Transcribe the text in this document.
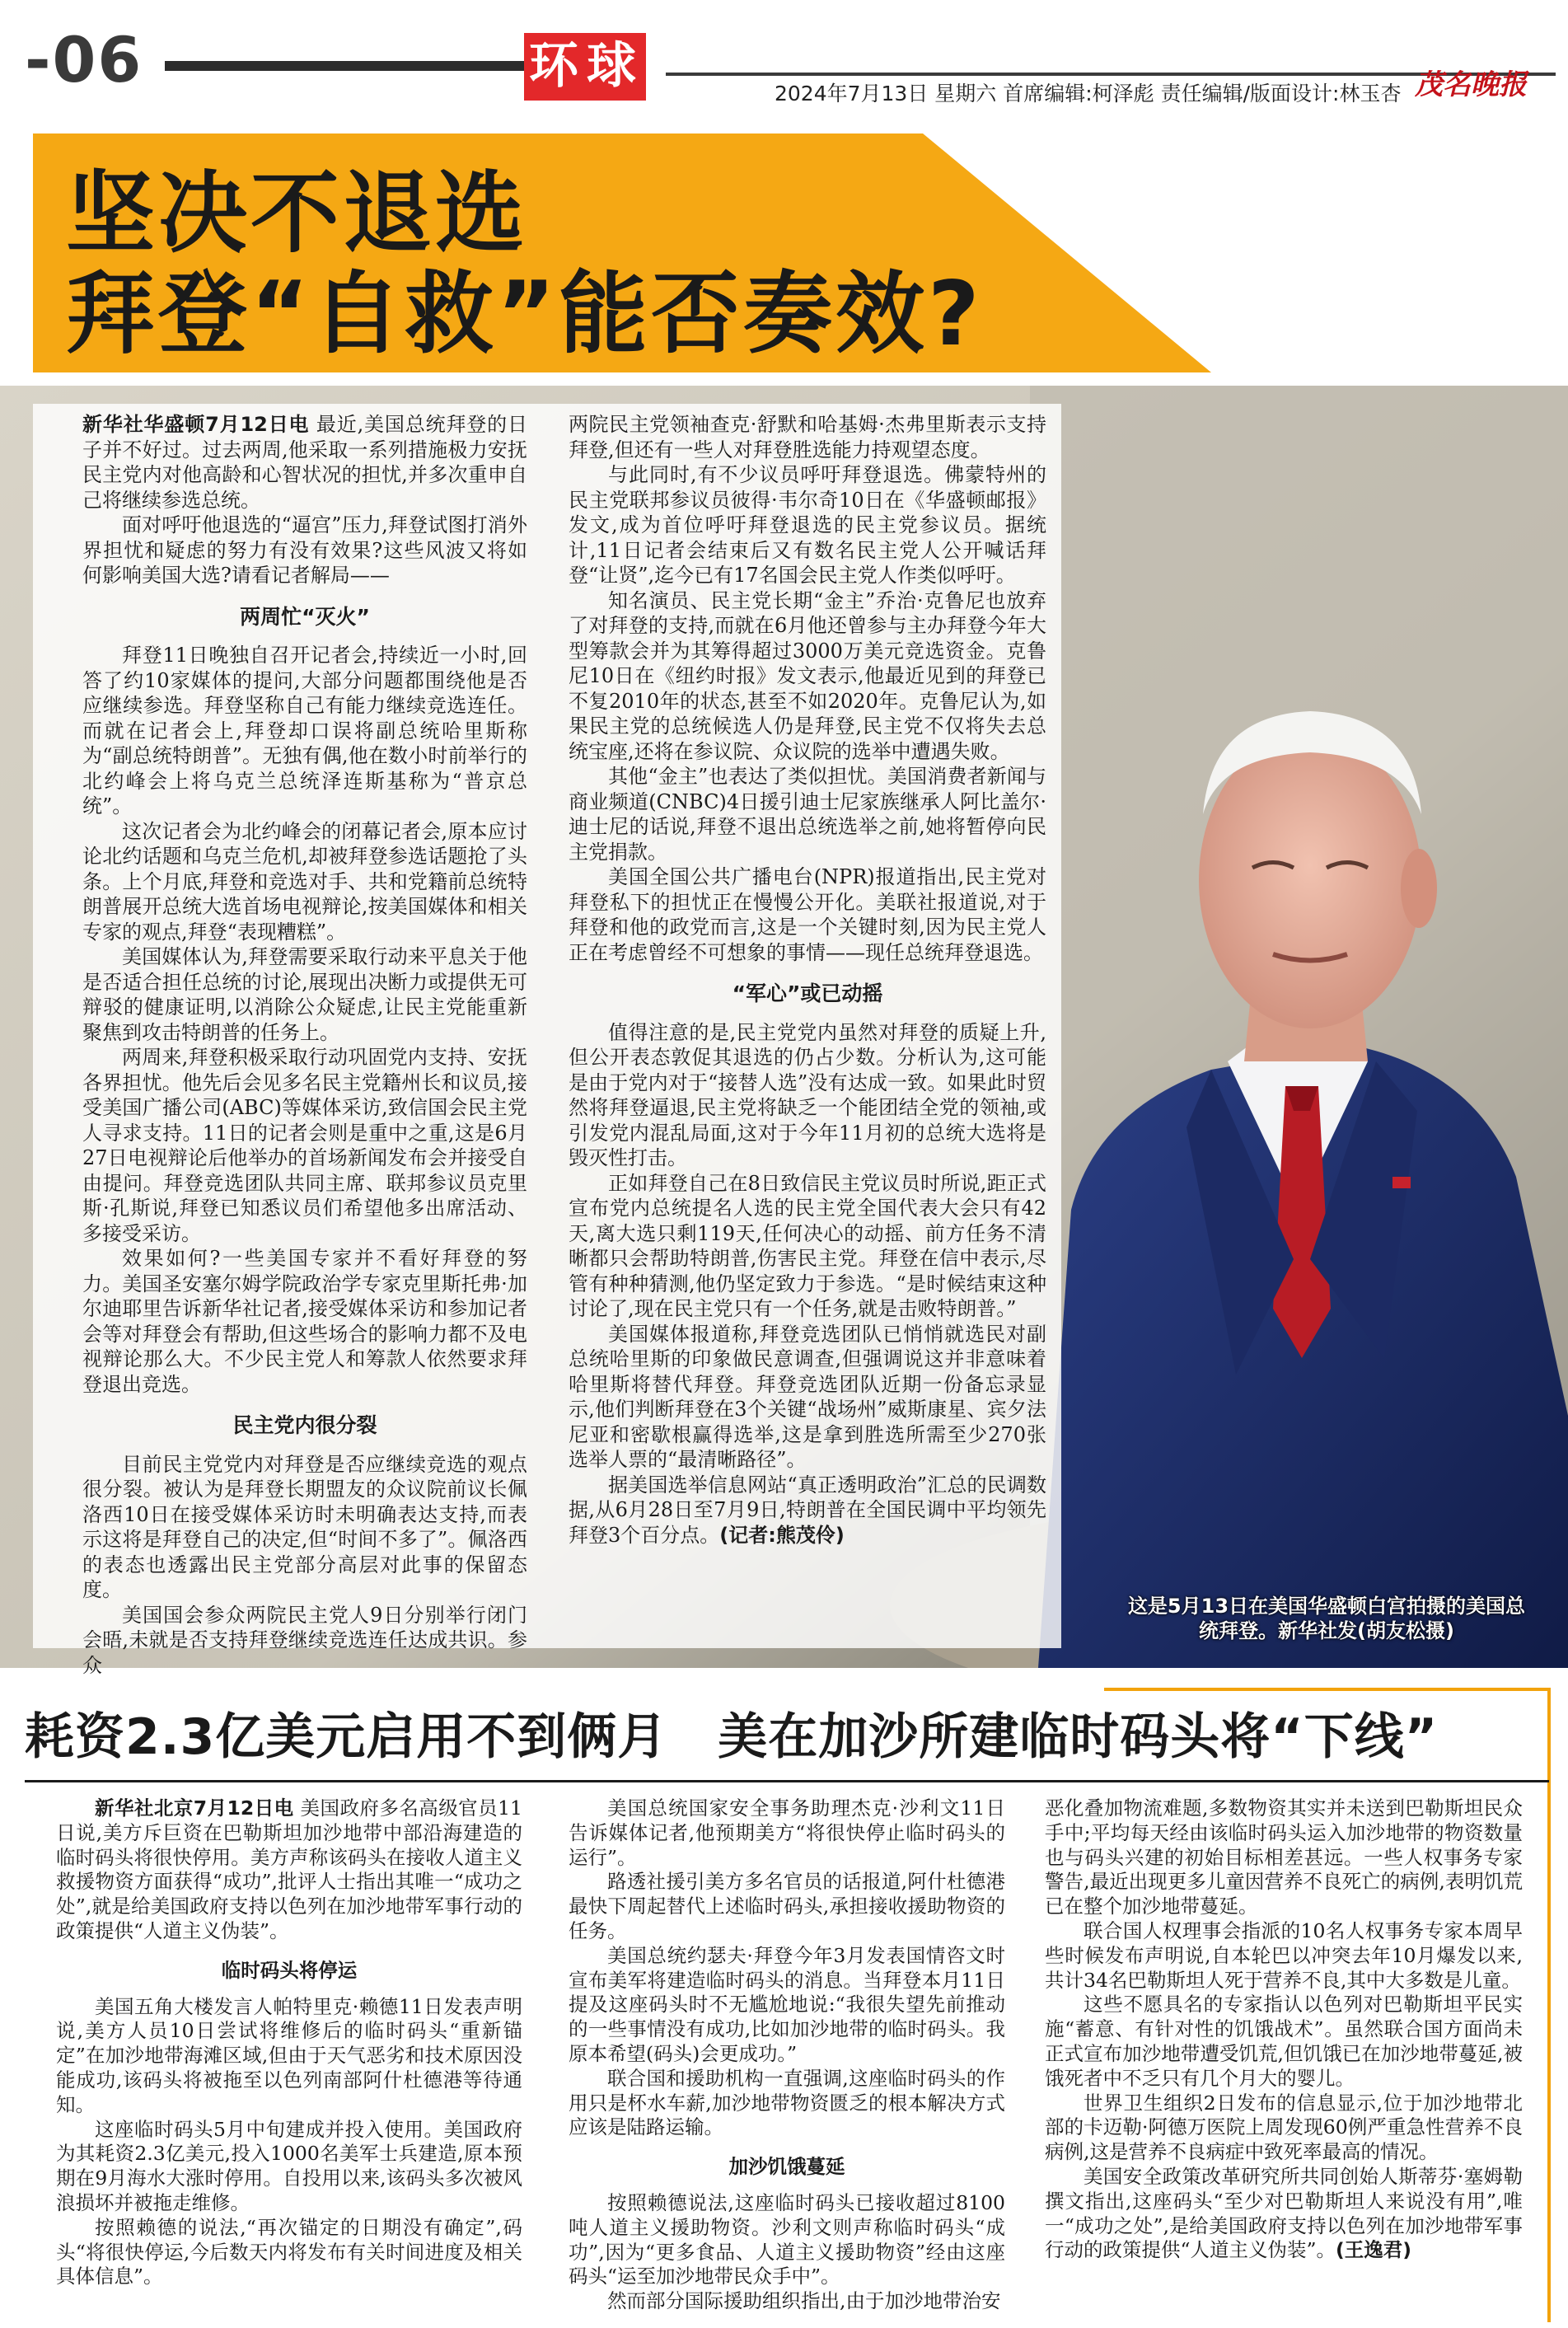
-06	环 球	2024年7月13日 星期六 首席编辑:柯泽彪 责任编辑/版面设计:林玉杏 茂名晚报
坚决不退选
拜登“自救”能否奏效?
这是5月13日在美国华盛顿白宫拍摄的美国总统拜登。新华社发(胡友松摄)

新华社华盛顿7月12日电 最近,美国总统拜登的日子并不好过。过去两周,他采取一系列措施极力安抚民主党内对他高龄和心智状况的担忧,并多次重申自己将继续参选总统。

面对呼吁他退选的“逼宫”压力,拜登试图打消外界担忧和疑虑的努力有没有效果?这些风波又将如何影响美国大选?请看记者解局——

两周忙“灭火”

拜登11日晚独自召开记者会,持续近一小时,回答了约10家媒体的提问,大部分问题都围绕他是否应继续参选。拜登坚称自己有能力继续竞选连任。而就在记者会上,拜登却口误将副总统哈里斯称为“副总统特朗普”。无独有偶,他在数小时前举行的北约峰会上将乌克兰总统泽连斯基称为“普京总统”。

这次记者会为北约峰会的闭幕记者会,原本应讨论北约话题和乌克兰危机,却被拜登参选话题抢了头条。上个月底,拜登和竞选对手、共和党籍前总统特朗普展开总统大选首场电视辩论,按美国媒体和相关专家的观点,拜登“表现糟糕”。

美国媒体认为,拜登需要采取行动来平息关于他是否适合担任总统的讨论,展现出决断力或提供无可辩驳的健康证明,以消除公众疑虑,让民主党能重新聚焦到攻击特朗普的任务上。

两周来,拜登积极采取行动巩固党内支持、安抚各界担忧。他先后会见多名民主党籍州长和议员,接受美国广播公司(ABC)等媒体采访,致信国会民主党人寻求支持。11日的记者会则是重中之重,这是6月27日电视辩论后他举办的首场新闻发布会并接受自由提问。拜登竞选团队共同主席、联邦参议员克里斯·孔斯说,拜登已知悉议员们希望他多出席活动、多接受采访。

效果如何?一些美国专家并不看好拜登的努力。美国圣安塞尔姆学院政治学专家克里斯托弗·加尔迪耶里告诉新华社记者,接受媒体采访和参加记者会等对拜登会有帮助,但这些场合的影响力都不及电视辩论那么大。不少民主党人和筹款人依然要求拜登退出竞选。

民主党内很分裂

目前民主党党内对拜登是否应继续竞选的观点很分裂。被认为是拜登长期盟友的众议院前议长佩洛西10日在接受媒体采访时未明确表达支持,而表示这将是拜登自己的决定,但“时间不多了”。佩洛西的表态也透露出民主党部分高层对此事的保留态度。

美国国会参众两院民主党人9日分别举行闭门会晤,未就是否支持拜登继续竞选连任达成共识。参众

两院民主党领袖查克·舒默和哈基姆·杰弗里斯表示支持拜登,但还有一些人对拜登胜选能力持观望态度。

与此同时,有不少议员呼吁拜登退选。佛蒙特州的民主党联邦参议员彼得·韦尔奇10日在《华盛顿邮报》发文,成为首位呼吁拜登退选的民主党参议员。据统计,11日记者会结束后又有数名民主党人公开喊话拜登“让贤”,迄今已有17名国会民主党人作类似呼吁。

知名演员、民主党长期“金主”乔治·克鲁尼也放弃了对拜登的支持,而就在6月他还曾参与主办拜登今年大型筹款会并为其筹得超过3000万美元竞选资金。克鲁尼10日在《纽约时报》发文表示,他最近见到的拜登已不复2010年的状态,甚至不如2020年。克鲁尼认为,如果民主党的总统候选人仍是拜登,民主党不仅将失去总统宝座,还将在参议院、众议院的选举中遭遇失败。

其他“金主”也表达了类似担忧。美国消费者新闻与商业频道(CNBC)4日援引迪士尼家族继承人阿比盖尔·迪士尼的话说,拜登不退出总统选举之前,她将暂停向民主党捐款。

美国全国公共广播电台(NPR)报道指出,民主党对拜登私下的担忧正在慢慢公开化。美联社报道说,对于拜登和他的政党而言,这是一个关键时刻,因为民主党人正在考虑曾经不可想象的事情——现任总统拜登退选。

“军心”或已动摇

值得注意的是,民主党党内虽然对拜登的质疑上升,但公开表态敦促其退选的仍占少数。分析认为,这可能是由于党内对于“接替人选”没有达成一致。如果此时贸然将拜登逼退,民主党将缺乏一个能团结全党的领袖,或引发党内混乱局面,这对于今年11月初的总统大选将是毁灭性打击。

正如拜登自己在8日致信民主党议员时所说,距正式宣布党内总统提名人选的民主党全国代表大会只有42天,离大选只剩119天,任何决心的动摇、前方任务不清晰都只会帮助特朗普,伤害民主党。拜登在信中表示,尽管有种种猜测,他仍坚定致力于参选。“是时候结束这种讨论了,现在民主党只有一个任务,就是击败特朗普。”

美国媒体报道称,拜登竞选团队已悄悄就选民对副总统哈里斯的印象做民意调查,但强调说这并非意味着哈里斯将替代拜登。拜登竞选团队近期一份备忘录显示,他们判断拜登在3个关键“战场州”威斯康星、宾夕法尼亚和密歇根赢得选举,这是拿到胜选所需至少270张选举人票的“最清晰路径”。

据美国选举信息网站“真正透明政治”汇总的民调数据,从6月28日至7月9日,特朗普在全国民调中平均领先拜登3个百分点。(记者:熊茂伶)

耗资2.3亿美元启用不到俩月　美在加沙所建临时码头将“下线”

新华社北京7月12日电 美国政府多名高级官员11日说,美方斥巨资在巴勒斯坦加沙地带中部沿海建造的临时码头将很快停用。美方声称该码头在接收人道主义救援物资方面获得“成功”,批评人士指出其唯一“成功之处”,就是给美国政府支持以色列在加沙地带军事行动的政策提供“人道主义伪装”。

临时码头将停运

美国五角大楼发言人帕特里克·赖德11日发表声明说,美方人员10日尝试将维修后的临时码头“重新锚定”在加沙地带海滩区域,但由于天气恶劣和技术原因没能成功,该码头将被拖至以色列南部阿什杜德港等待通知。

这座临时码头5月中旬建成并投入使用。美国政府为其耗资2.3亿美元,投入1000名美军士兵建造,原本预期在9月海水大涨时停用。自投用以来,该码头多次被风浪损坏并被拖走维修。

按照赖德的说法,“再次锚定的日期没有确定”,码头“将很快停运,今后数天内将发布有关时间进度及相关具体信息”。

美国总统国家安全事务助理杰克·沙利文11日告诉媒体记者,他预期美方“将很快停止临时码头的运行”。

路透社援引美方多名官员的话报道,阿什杜德港最快下周起替代上述临时码头,承担接收援助物资的任务。

美国总统约瑟夫·拜登今年3月发表国情咨文时宣布美军将建造临时码头的消息。当拜登本月11日提及这座码头时不无尴尬地说:“我很失望先前推动的一些事情没有成功,比如加沙地带的临时码头。我原本希望(码头)会更成功。”

联合国和援助机构一直强调,这座临时码头的作用只是杯水车薪,加沙地带物资匮乏的根本解决方式应该是陆路运输。

加沙饥饿蔓延

按照赖德说法,这座临时码头已接收超过8100吨人道主义援助物资。沙利文则声称临时码头“成功”,因为“更多食品、人道主义援助物资”经由这座码头“运至加沙地带民众手中”。

然而部分国际援助组织指出,由于加沙地带治安

恶化叠加物流难题,多数物资其实并未送到巴勒斯坦民众手中;平均每天经由该临时码头运入加沙地带的物资数量也与码头兴建的初始目标相差甚远。一些人权事务专家警告,最近出现更多儿童因营养不良死亡的病例,表明饥荒已在整个加沙地带蔓延。

联合国人权理事会指派的10名人权事务专家本周早些时候发布声明说,自本轮巴以冲突去年10月爆发以来,共计34名巴勒斯坦人死于营养不良,其中大多数是儿童。

这些不愿具名的专家指认以色列对巴勒斯坦平民实施“蓄意、有针对性的饥饿战术”。虽然联合国方面尚未正式宣布加沙地带遭受饥荒,但饥饿已在加沙地带蔓延,被饿死者中不乏只有几个月大的婴儿。

世界卫生组织2日发布的信息显示,位于加沙地带北部的卡迈勒·阿德万医院上周发现60例严重急性营养不良病例,这是营养不良病症中致死率最高的情况。

美国安全政策改革研究所共同创始人斯蒂芬·塞姆勒撰文指出,这座码头“至少对巴勒斯坦人来说没有用”,唯一“成功之处”,是给美国政府支持以色列在加沙地带军事行动的政策提供“人道主义伪装”。(王逸君)
